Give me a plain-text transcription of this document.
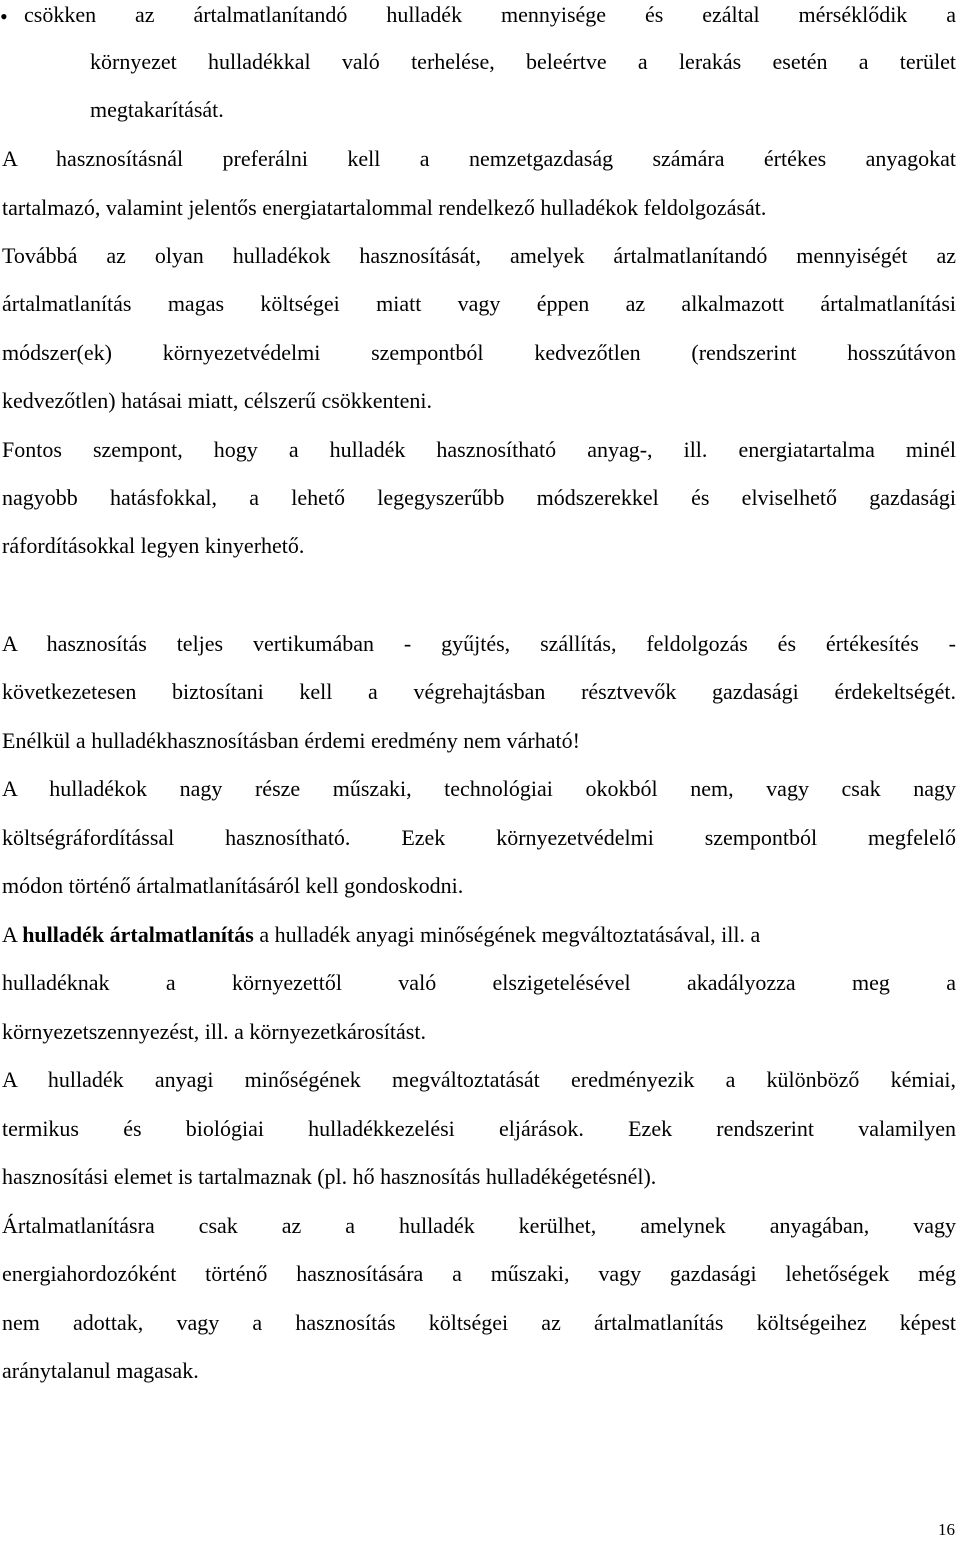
• csökken az ártalmatlanítandó hulladék mennyisége és ezáltal mérséklődik a
környezet hulladékkal való terhelése, beleértve a lerakás esetén a terület
megtakarítását.
A hasznosításnál preferálni kell a nemzetgazdaság számára értékes anyagokat
tartalmazó, valamint jelentős energiatartalommal rendelkező hulladékok feldolgozását.
Továbbá az olyan hulladékok hasznosítását, amelyek ártalmatlanítandó mennyiségét az
ártalmatlanítás magas költségei miatt vagy éppen az alkalmazott ártalmatlanítási
módszer(ek) környezetvédelmi szempontból kedvezőtlen (rendszerint hosszútávon
kedvezőtlen) hatásai miatt, célszerű csökkenteni.
Fontos szempont, hogy a hulladék hasznosítható anyag-, ill. energiatartalma minél
nagyobb hatásfokkal, a lehető legegyszerűbb módszerekkel és elviselhető gazdasági
ráfordításokkal legyen kinyerhető.
A hasznosítás teljes vertikumában - gyűjtés, szállítás, feldolgozás és értékesítés -
következetesen biztosítani kell a végrehajtásban résztvevők gazdasági érdekeltségét.
Enélkül a hulladékhasznosításban érdemi eredmény nem várható!
A hulladékok nagy része műszaki, technológiai okokból nem, vagy csak nagy
költségráfordítással hasznosítható. Ezek környezetvédelmi szempontból megfelelő
módon történő ártalmatlanításáról kell gondoskodni.
A hulladék ártalmatlanítás a hulladék anyagi minőségének megváltoztatásával, ill. a
hulladéknak a környezettől való elszigetelésével akadályozza meg a
környezetszennyezést, ill. a környezetkárosítást.
A hulladék anyagi minőségének megváltoztatását eredményezik a különböző kémiai,
termikus és biológiai hulladékkezelési eljárások. Ezek rendszerint valamilyen
hasznosítási elemet is tartalmaznak (pl. hő hasznosítás hulladékégetésnél).
Ártalmatlanításra csak az a hulladék kerülhet, amelynek anyagában, vagy
energiahordozóként történő hasznosítására a műszaki, vagy gazdasági lehetőségek még
nem adottak, vagy a hasznosítás költségei az ártalmatlanítás költségeihez képest
aránytalanul magasak.
16
